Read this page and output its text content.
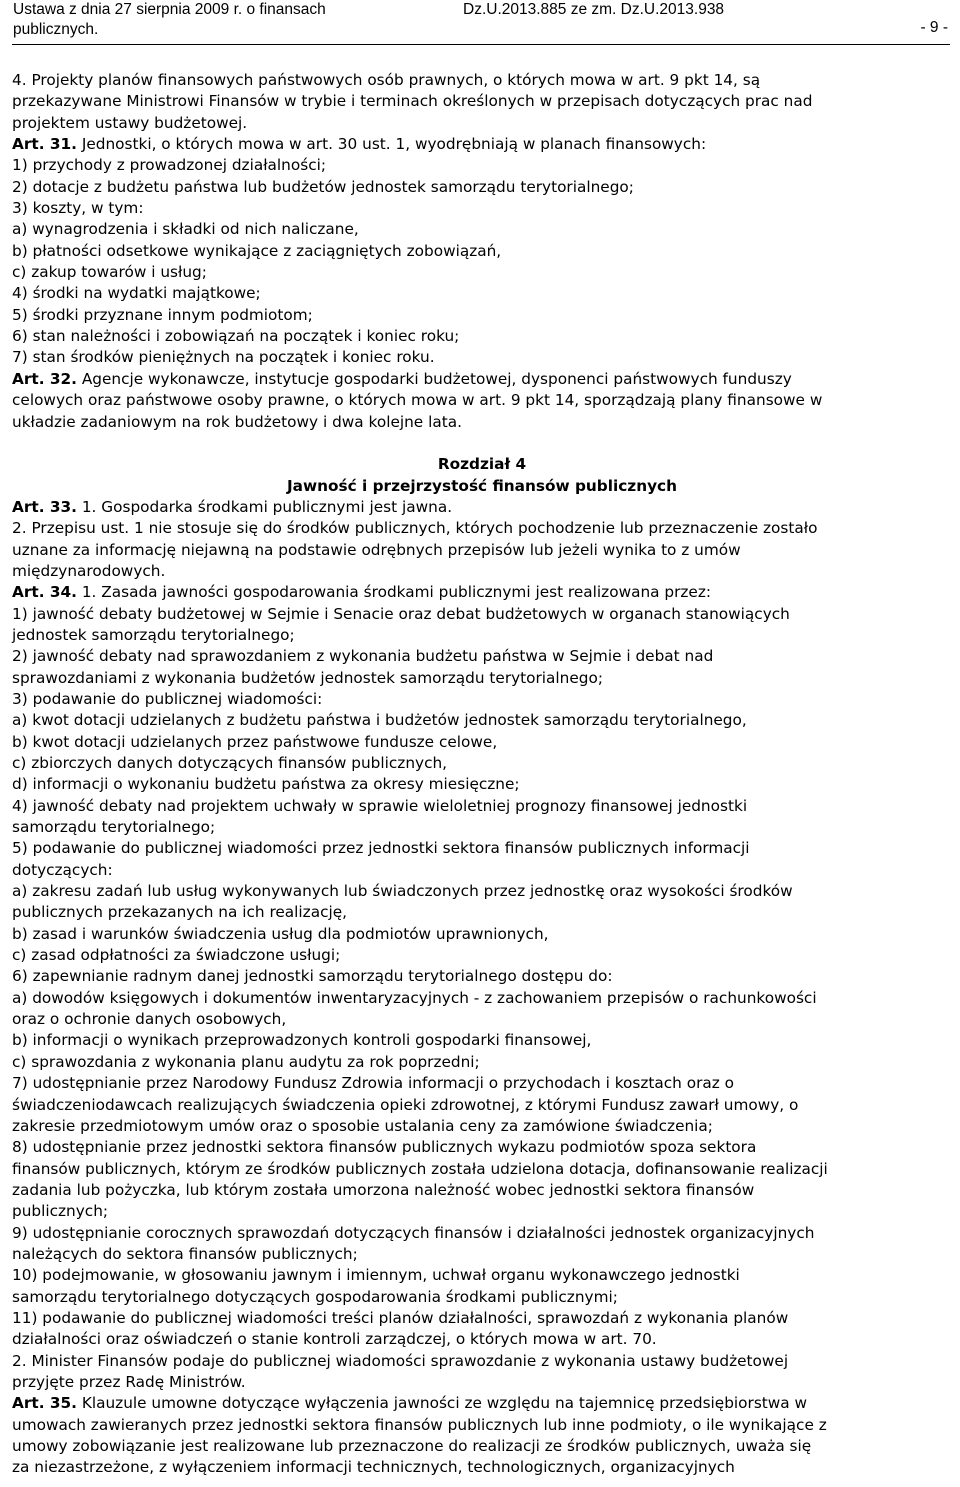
Ustawa z dnia 27 sierpnia 2009 r. o finansach
publicznych.
Dz.U.2013.885 ze zm. Dz.U.2013.938
- 9 -
4. Projekty planów finansowych państwowych osób prawnych, o których mowa w art. 9 pkt 14, są
przekazywane Ministrowi Finansów w trybie i terminach określonych w przepisach dotyczących prac nad
projektem ustawy budżetowej.
Art. 31. Jednostki, o których mowa w art. 30 ust. 1, wyodrębniają w planach finansowych:
1) przychody z prowadzonej działalności;
2) dotacje z budżetu państwa lub budżetów jednostek samorządu terytorialnego;
3) koszty, w tym:
a) wynagrodzenia i składki od nich naliczane,
b) płatności odsetkowe wynikające z zaciągniętych zobowiązań,
c) zakup towarów i usług;
4) środki na wydatki majątkowe;
5) środki przyznane innym podmiotom;
6) stan należności i zobowiązań na początek i koniec roku;
7) stan środków pieniężnych na początek i koniec roku.
Art. 32. Agencje wykonawcze, instytucje gospodarki budżetowej, dysponenci państwowych funduszy
celowych oraz państwowe osoby prawne, o których mowa w art. 9 pkt 14, sporządzają plany finansowe w
układzie zadaniowym na rok budżetowy i dwa kolejne lata.
Rozdział 4
Jawność i przejrzystość finansów publicznych
Art. 33. 1. Gospodarka środkami publicznymi jest jawna.
2. Przepisu ust. 1 nie stosuje się do środków publicznych, których pochodzenie lub przeznaczenie zostało
uznane za informację niejawną na podstawie odrębnych przepisów lub jeżeli wynika to z umów
międzynarodowych.
Art. 34. 1. Zasada jawności gospodarowania środkami publicznymi jest realizowana przez:
1) jawność debaty budżetowej w Sejmie i Senacie oraz debat budżetowych w organach stanowiących
jednostek samorządu terytorialnego;
2) jawność debaty nad sprawozdaniem z wykonania budżetu państwa w Sejmie i debat nad
sprawozdaniami z wykonania budżetów jednostek samorządu terytorialnego;
3) podawanie do publicznej wiadomości:
a) kwot dotacji udzielanych z budżetu państwa i budżetów jednostek samorządu terytorialnego,
b) kwot dotacji udzielanych przez państwowe fundusze celowe,
c) zbiorczych danych dotyczących finansów publicznych,
d) informacji o wykonaniu budżetu państwa za okresy miesięczne;
4) jawność debaty nad projektem uchwały w sprawie wieloletniej prognozy finansowej jednostki
samorządu terytorialnego;
5) podawanie do publicznej wiadomości przez jednostki sektora finansów publicznych informacji
dotyczących:
a) zakresu zadań lub usług wykonywanych lub świadczonych przez jednostkę oraz wysokości środków
publicznych przekazanych na ich realizację,
b) zasad i warunków świadczenia usług dla podmiotów uprawnionych,
c) zasad odpłatności za świadczone usługi;
6) zapewnianie radnym danej jednostki samorządu terytorialnego dostępu do:
a) dowodów księgowych i dokumentów inwentaryzacyjnych - z zachowaniem przepisów o rachunkowości
oraz o ochronie danych osobowych,
b) informacji o wynikach przeprowadzonych kontroli gospodarki finansowej,
c) sprawozdania z wykonania planu audytu za rok poprzedni;
7) udostępnianie przez Narodowy Fundusz Zdrowia informacji o przychodach i kosztach oraz o
świadczeniodawcach realizujących świadczenia opieki zdrowotnej, z którymi Fundusz zawarł umowy, o
zakresie przedmiotowym umów oraz o sposobie ustalania ceny za zamówione świadczenia;
8) udostępnianie przez jednostki sektora finansów publicznych wykazu podmiotów spoza sektora
finansów publicznych, którym ze środków publicznych została udzielona dotacja, dofinansowanie realizacji
zadania lub pożyczka, lub którym została umorzona należność wobec jednostki sektora finansów
publicznych;
9) udostępnianie corocznych sprawozdań dotyczących finansów i działalności jednostek organizacyjnych
należących do sektora finansów publicznych;
10) podejmowanie, w głosowaniu jawnym i imiennym, uchwał organu wykonawczego jednostki
samorządu terytorialnego dotyczących gospodarowania środkami publicznymi;
11) podawanie do publicznej wiadomości treści planów działalności, sprawozdań z wykonania planów
działalności oraz oświadczeń o stanie kontroli zarządczej, o których mowa w art. 70.
2. Minister Finansów podaje do publicznej wiadomości sprawozdanie z wykonania ustawy budżetowej
przyjęte przez Radę Ministrów.
Art. 35. Klauzule umowne dotyczące wyłączenia jawności ze względu na tajemnicę przedsiębiorstwa w
umowach zawieranych przez jednostki sektora finansów publicznych lub inne podmioty, o ile wynikające z
umowy zobowiązanie jest realizowane lub przeznaczone do realizacji ze środków publicznych, uważa się
za niezastrzeżone, z wyłączeniem informacji technicznych, technologicznych, organizacyjnych
